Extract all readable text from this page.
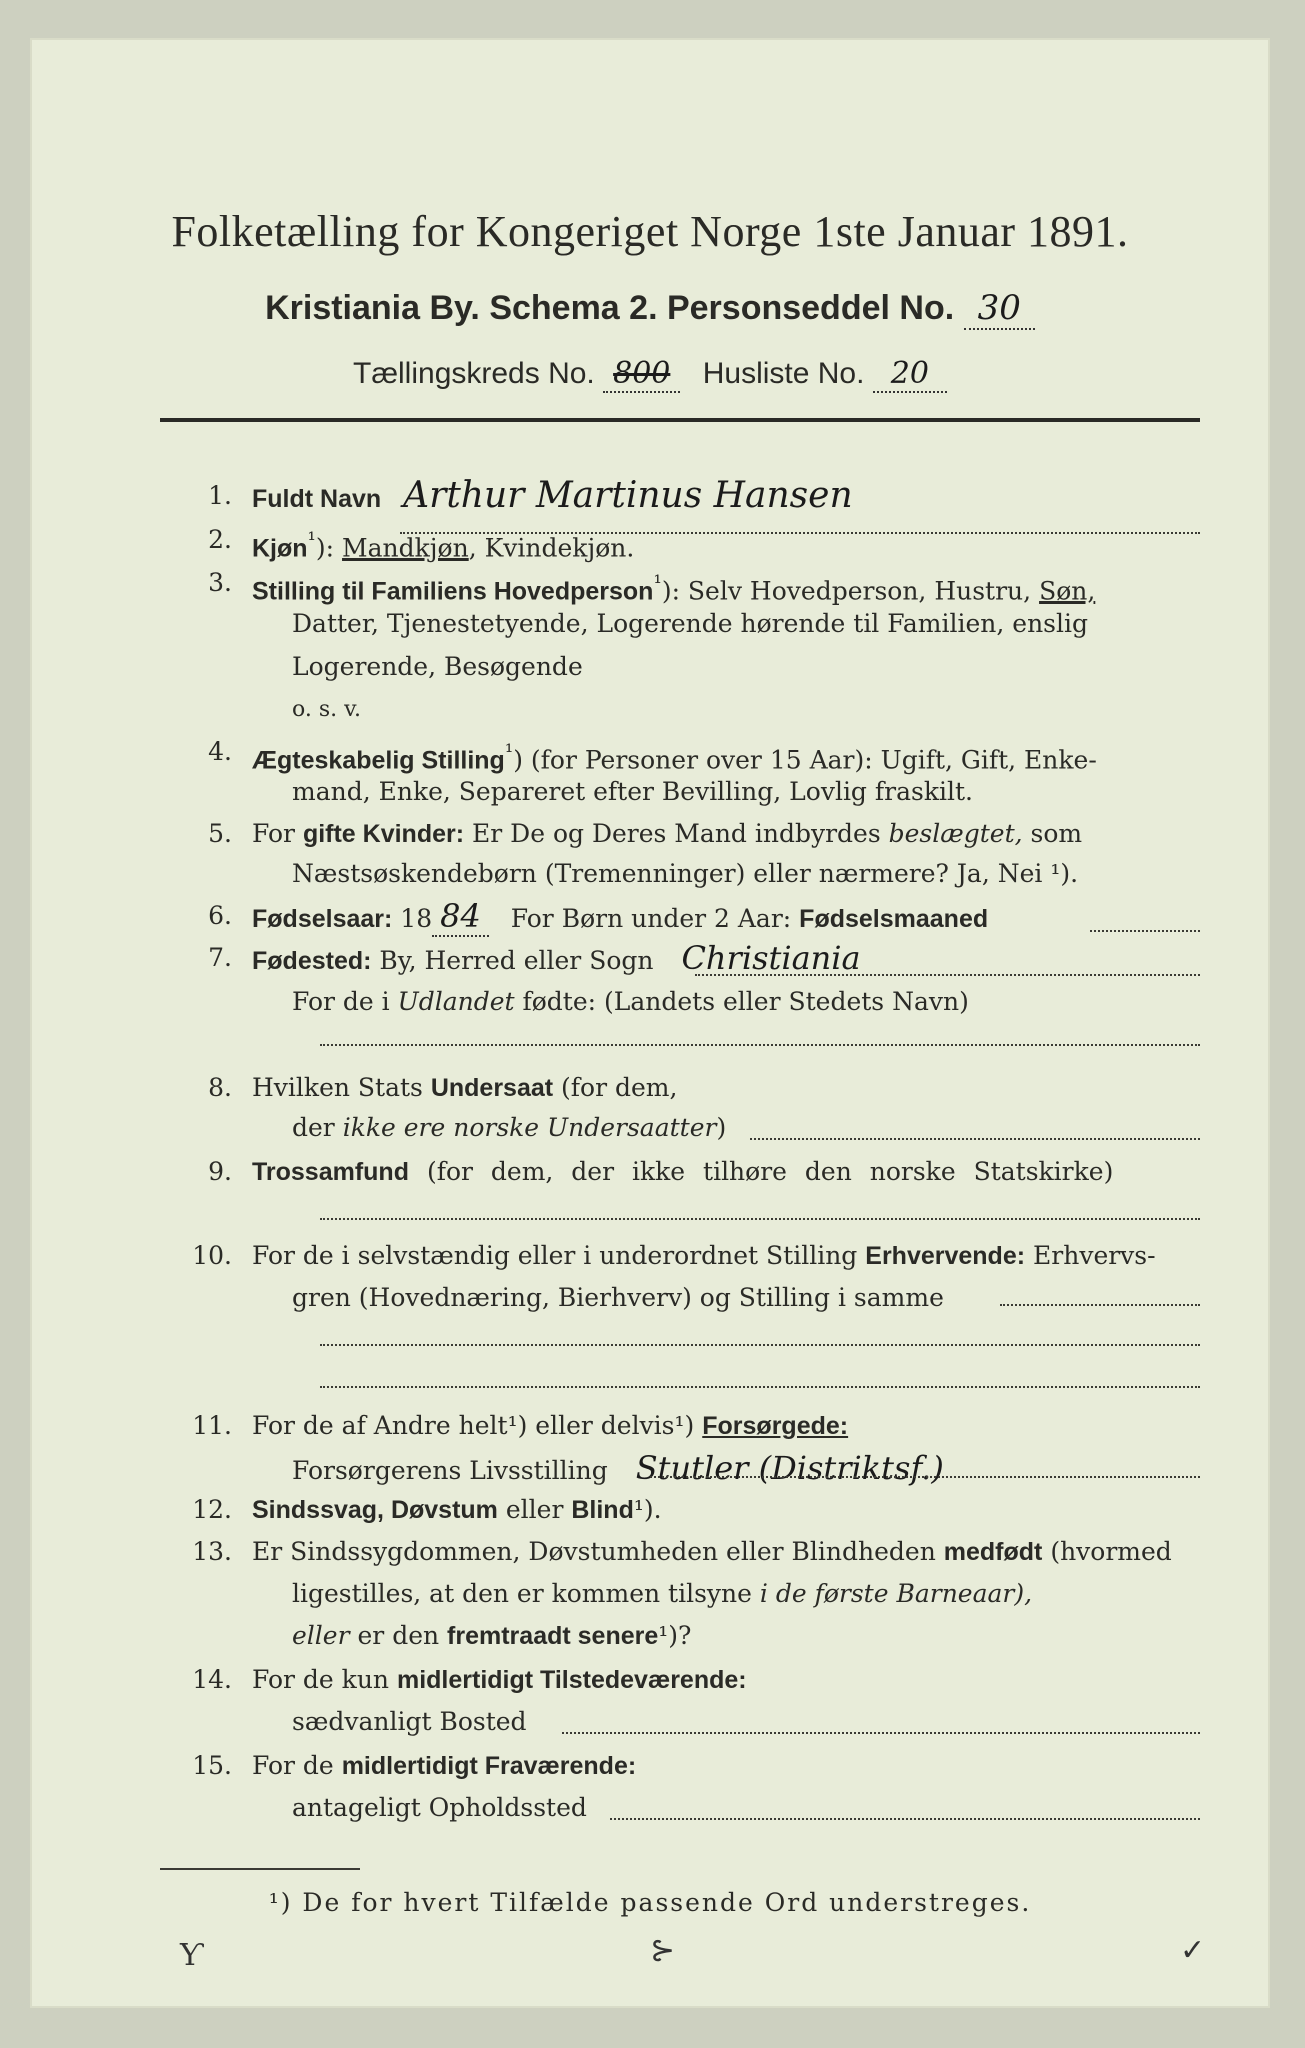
Folketælling for Kongeriget Norge 1ste Januar 1891.
Kristiania By. Schema 2. Personseddel No. 30
Tællingskreds No. 800 Husliste No. 20
1. Fuldt Navn Arthur Martinus Hansen
2. Kjøn$^{^1}$): Mandkjøn, Kvindekjøn.
3. Stilling til Familiens Hovedperson$^{^1}$): Selv Hovedperson, Hustru, Søn,
Datter, Tjenestetyende, Logerende hørende til Familien, enslig
Logerende, Besøgende
o. s. v.
4. Ægteskabelig Stilling$^{^1}$) (for Personer over 15 Aar): Ugift, Gift, Enke-
mand, Enke, Separeret efter Bevilling, Lovlig fraskilt.
5. For gifte Kvinder: Er De og Deres Mand indbyrdes beslægtet, som
Næstsøskendebørn (Tremenninger) eller nærmere? Ja, Nei ¹).
6. Fødselsaar: 18 84 For Børn under 2 Aar: Fødselsmaaned
7. Fødested: By, Herred eller Sogn Christiania
For de i Udlandet fødte: (Landets eller Stedets Navn)
8. Hvilken Stats Undersaat (for dem,
der ikke ere norske Undersaatter)
9. Trossamfund (for dem, der ikke tilhøre den norske Statskirke)
10. For de i selvstændig eller i underordnet Stilling Erhvervende: Erhvervs-
gren (Hovednæring, Bierhverv) og Stilling i samme
11. For de af Andre helt¹) eller delvis¹) Forsørgede:
Forsørgerens Livsstilling Stutler (Distriktsf.)
12. Sindssvag, Døvstum eller Blind¹).
13. Er Sindssygdommen, Døvstumheden eller Blindheden medfødt (hvormed
ligestilles, at den er kommen tilsyne i de første Barneaar),
eller er den fremtraadt senere¹)?
14. For de kun midlertidigt Tilstedeværende:
sædvanligt Bosted
15. For de midlertidigt Fraværende:
antageligt Opholdssted
¹) De for hvert Tilfælde passende Ord understreges.
Ƴ	⊱	✓
